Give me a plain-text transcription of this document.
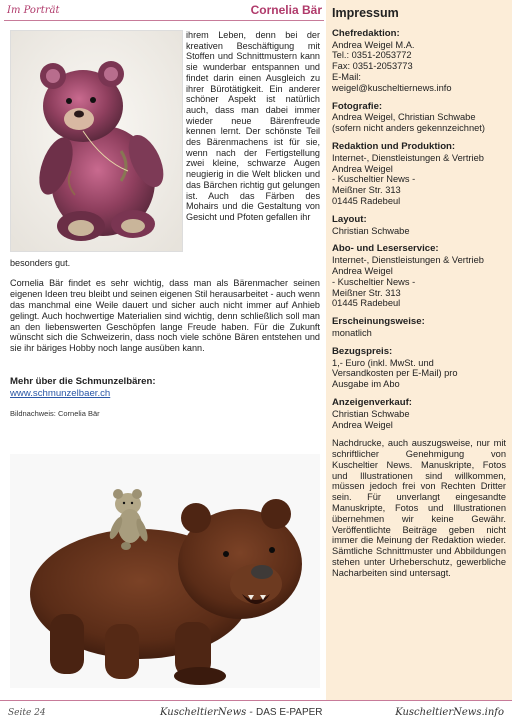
Im Porträt	Cornelia Bär
ihrem Leben, denn bei der kreativen Beschäftigung mit Stoffen und Schnittmustern kann sie wunderbar entspannen und findet darin einen Ausgleich zu ihrer Bürotätigkeit. Ein anderer schöner Aspekt ist natürlich auch, dass man dabei immer wieder neue Bärenfreude kennen lernt. Der schönste Teil des Bärenmachens ist für sie, wenn nach der Fertigstellung zwei kleine, schwarze Augen neugierig in die Welt blicken und das Bärchen richtig gut gelungen ist. Auch das Färben des Mohairs und die Gestaltung von Gesicht und Pfoten gefallen ihr

besonders gut.

Cornelia Bär findet es sehr wichtig, dass man als Bärenmacher seinen eigenen Ideen treu bleibt und seinen eigenen Stil herausarbeitet - auch wenn das manchmal eine Weile dauert und sicher auch nicht immer auf Anhieb gelingt. Auch hochwertige Materialien sind wichtig, denn schließlich soll man an den liebenswerten Geschöpfen lange Freude haben. Für die Zukunft wünscht sich die Schweizerin, dass noch viele schöne Bären entstehen und sie ihr bäriges Hobby noch lange ausüben kann.

Mehr über die Schmunzelbären:
www.schmunzelbaer.ch
Bildnachweis: Cornelia Bär
Impressum
Chefredaktion:
Andrea Weigel M.A.
Tel.: 0351-2053772
Fax: 0351-2053773
E-Mail:
weigel@kuscheltiernews.info
Fotografie:
Andrea Weigel, Christian Schwabe
(sofern nicht anders gekennzeichnet)
Redaktion und Produktion:
Internet-, Dienstleistungen & Vertrieb
Andrea Weigel
- Kuscheltier News -
Meißner Str. 313
01445 Radebeul
Layout:
Christian Schwabe
Abo- und Leserservice:
Internet-, Dienstleistungen & Vertrieb
Andrea Weigel
- Kuscheltier News -
Meißner Str. 313
01445 Radebeul
Erscheinungsweise:
monatlich
Bezugspreis:
1,- Euro (inkl. MwSt. und
Versandkosten per E-Mail) pro
Ausgabe im Abo
Anzeigenverkauf:
Christian Schwabe
Andrea Weigel
Nachdrucke, auch auszugsweise, nur mit schriftlicher Genehmigung von Kuscheltier News. Manuskripte, Fotos und Illustrationen sind willkommen, müssen jedoch frei von Rechten Dritter sein. Für unverlangt eingesandte Manuskripte, Fotos und Illustrationen übernehmen wir keine Gewähr. Veröffentlichte Beiträge geben nicht immer die Meinung der Redaktion wieder. Sämtliche Schnittmuster und Abbildungen stehen unter Urheberschutz, gewerbliche Nacharbeiten sind untersagt.
Seite 24	KuscheltierNews - DAS E-PAPER	KuscheltierNews.info
